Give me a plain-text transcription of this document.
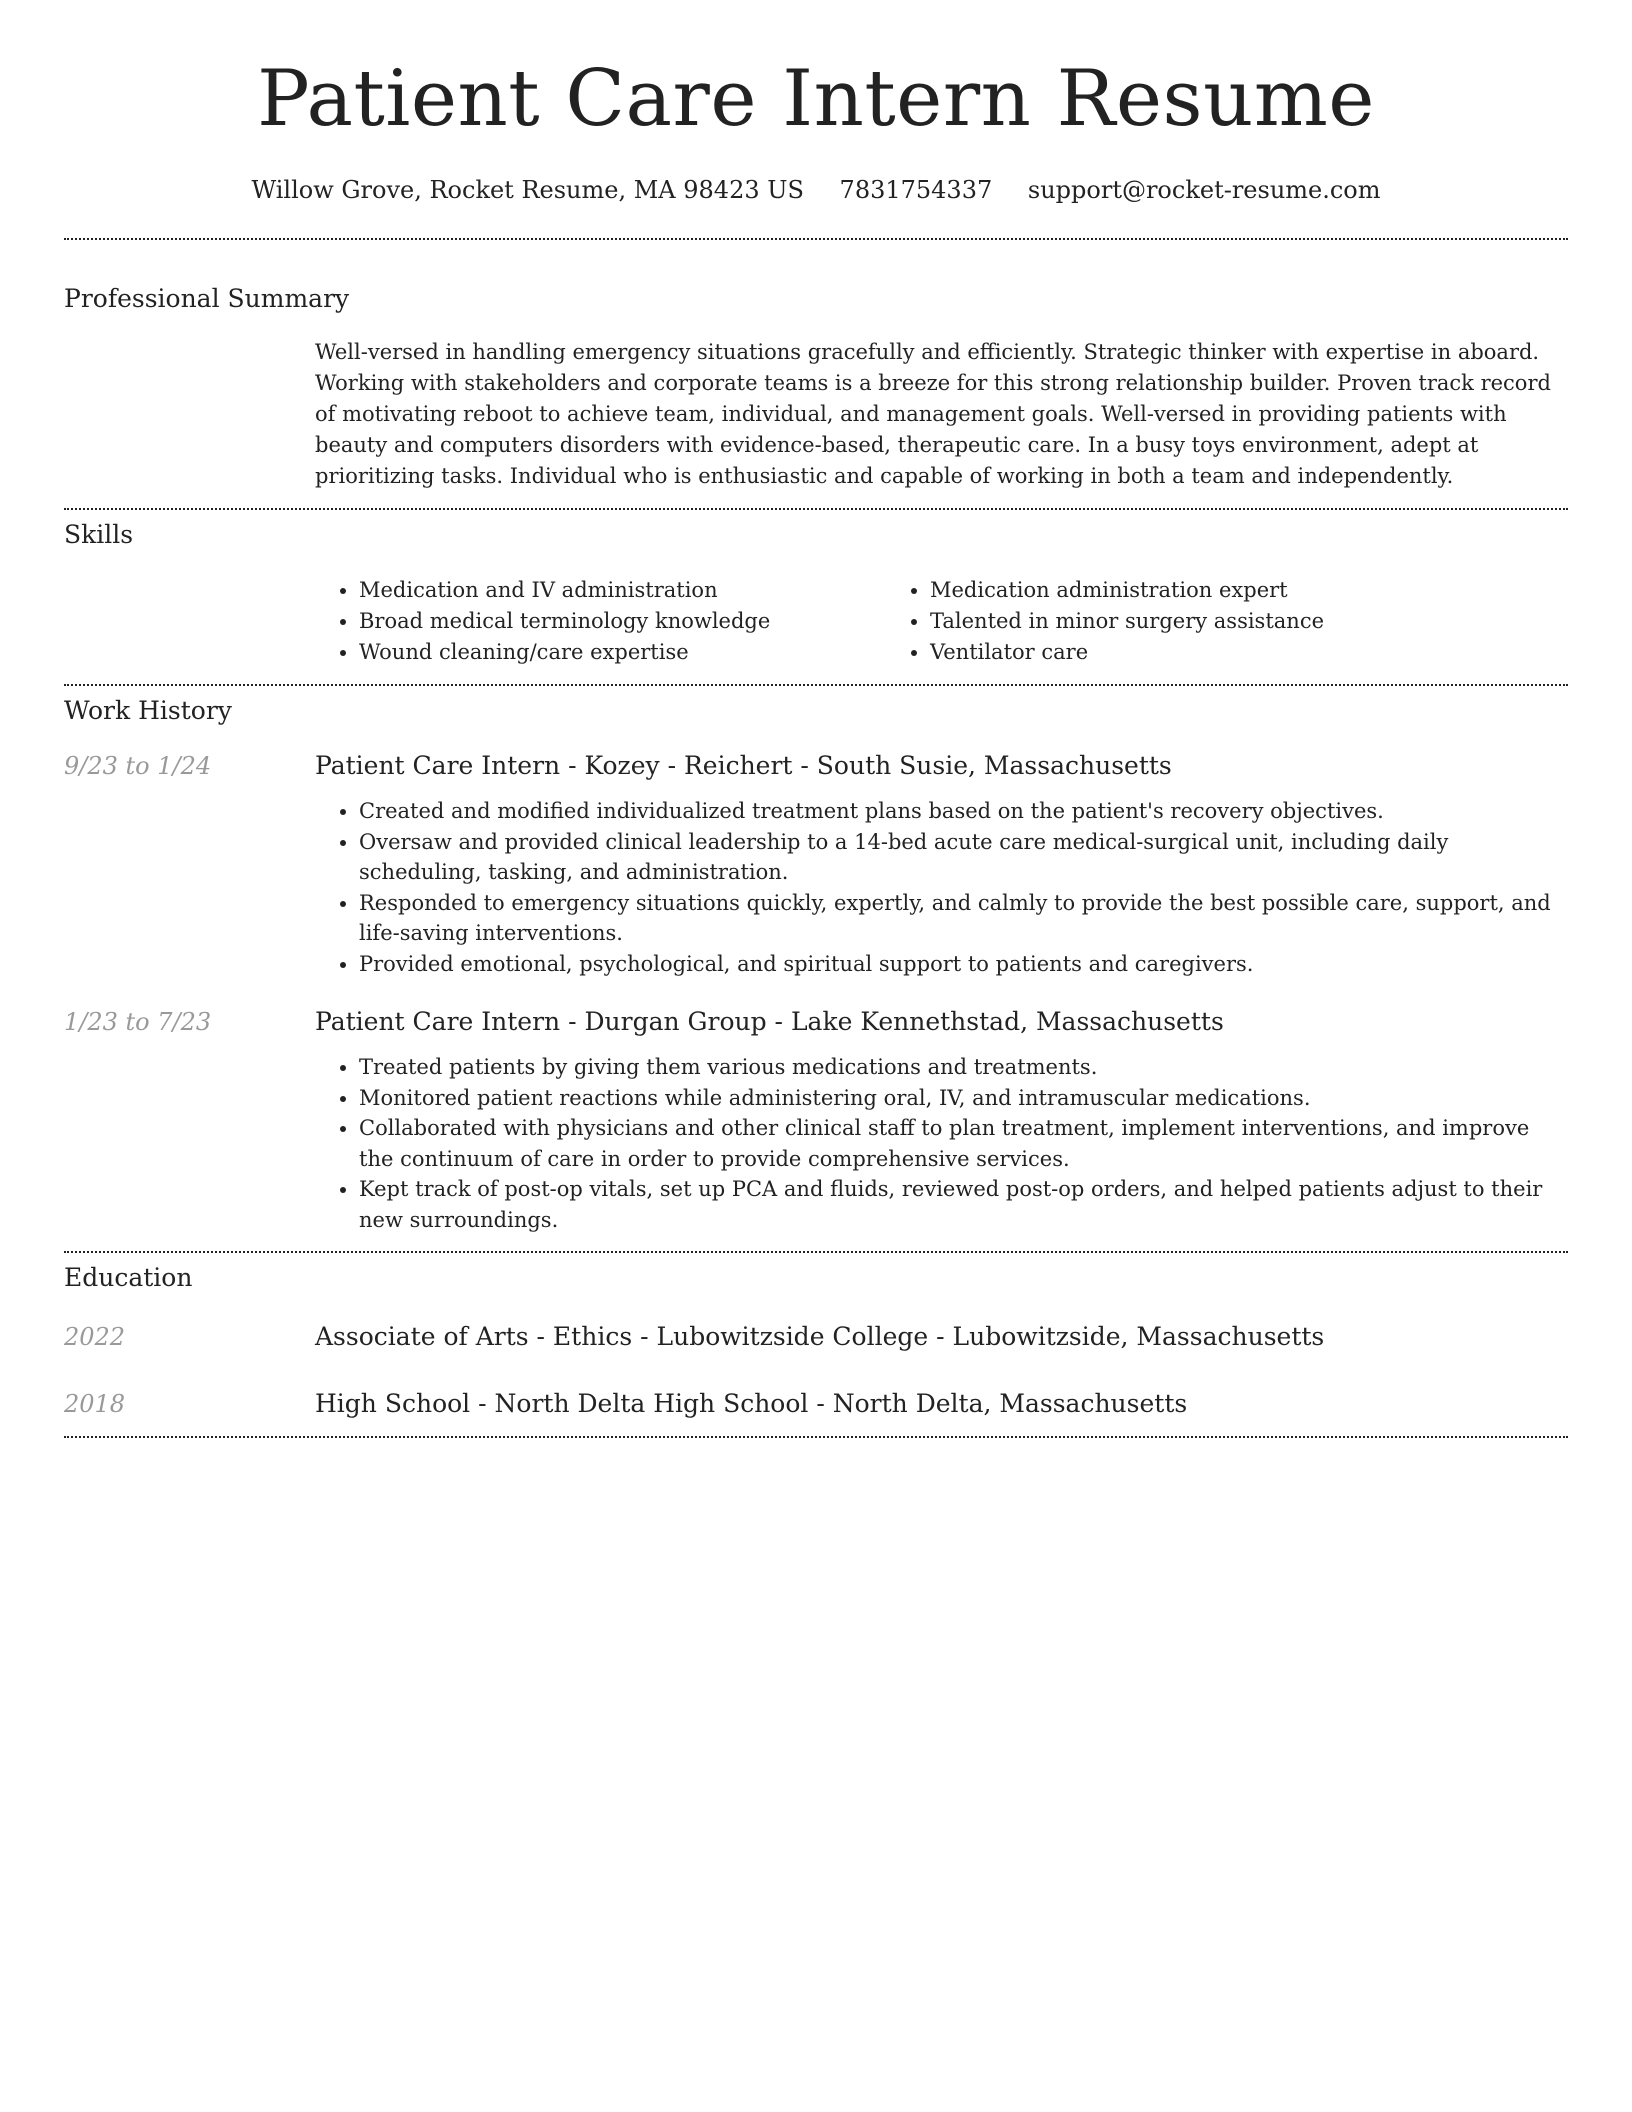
Patient Care Intern Resume
Willow Grove, Rocket Resume, MA 98423 US 7831754337 support@rocket-resume.com
Professional Summary

Well-versed in handling emergency situations gracefully and efficiently. Strategic thinker with expertise in aboard. Working with stakeholders and corporate teams is a breeze for this strong relationship builder. Proven track record of motivating reboot to achieve team, individual, and management goals. Well-versed in providing patients with beauty and computers disorders with evidence-based, therapeutic care. In a busy toys environment, adept at prioritizing tasks. Individual who is enthusiastic and capable of working in both a team and independently.

Skills
• Medication and IV administration
• Broad medical terminology knowledge
• Wound cleaning/care expertise
• Medication administration expert
• Talented in minor surgery assistance
• Ventilator care
Work History
9/23 to 1/24	Patient Care Intern - Kozey - Reichert - South Susie, Massachusetts
• Created and modified individualized treatment plans based on the patient's recovery objectives.
• Oversaw and provided clinical leadership to a 14-bed acute care medical-surgical unit, including daily scheduling, tasking, and administration.
• Responded to emergency situations quickly, expertly, and calmly to provide the best possible care, support, and life-saving interventions.
• Provided emotional, psychological, and spiritual support to patients and caregivers.
1/23 to 7/23	Patient Care Intern - Durgan Group - Lake Kennethstad, Massachusetts
• Treated patients by giving them various medications and treatments.
• Monitored patient reactions while administering oral, IV, and intramuscular medications.
• Collaborated with physicians and other clinical staff to plan treatment, implement interventions, and improve the continuum of care in order to provide comprehensive services.
• Kept track of post-op vitals, set up PCA and fluids, reviewed post-op orders, and helped patients adjust to their new surroundings.
Education
2022	Associate of Arts - Ethics - Lubowitzside College - Lubowitzside, Massachusetts
2018	High School - North Delta High School - North Delta, Massachusetts
